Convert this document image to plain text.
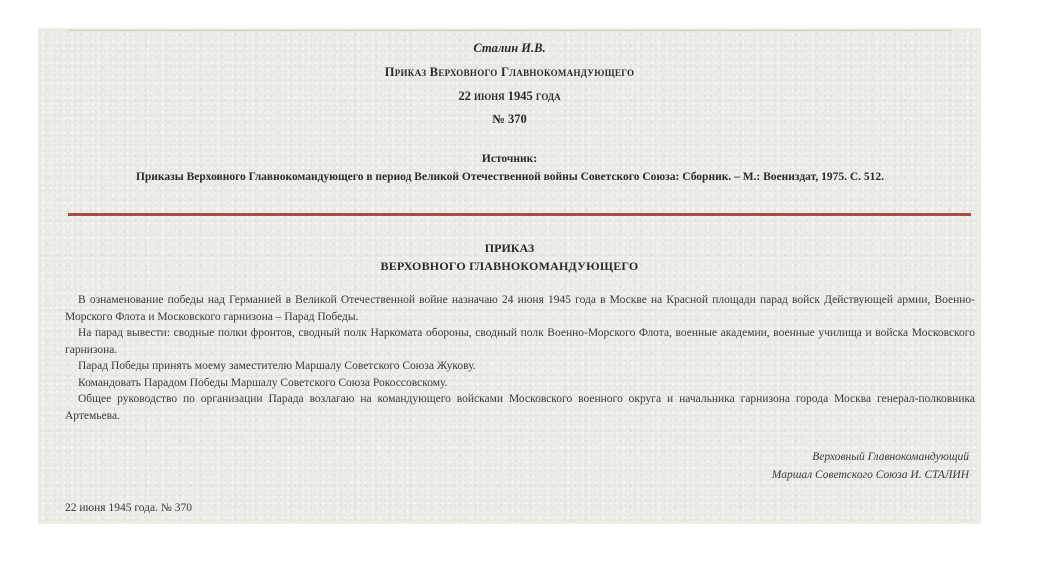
Сталин И.В.
Приказ Верховного Главнокомандующего
22 июня 1945 года
№ 370
Источник:
Приказы Верховного Главнокомандующего в период Великой Отечественной войны Советского Союза: Сборник. – М.: Воениздат, 1975. С. 512.
ПРИКАЗ
ВЕРХОВНОГО ГЛАВНОКОМАНДУЮЩЕГО

В ознаменование победы над Германией в Великой Отечественной войне назначаю 24 июня 1945 года в Москве на Красной площади парад войск Действующей армии, Военно-Морского Флота и Московского гарнизона – Парад Победы.

На парад вывести: сводные полки фронтов, сводный полк Наркомата обороны, сводный полк Военно-Морского Флота, военные академии, военные училища и войска Московского гарнизона.

Парад Победы принять моему заместителю Маршалу Советского Союза Жукову.

Командовать Парадом Победы Маршалу Советского Союза Рокоссовскому.

Общее руководство по организации Парада возлагаю на командующего войсками Московского военного округа и начальника гарнизона города Москва генерал-полковника Артемьева.

Верховный Главнокомандующий
Маршал Советского Союза И. СТАЛИН
22 июня 1945 года. № 370
